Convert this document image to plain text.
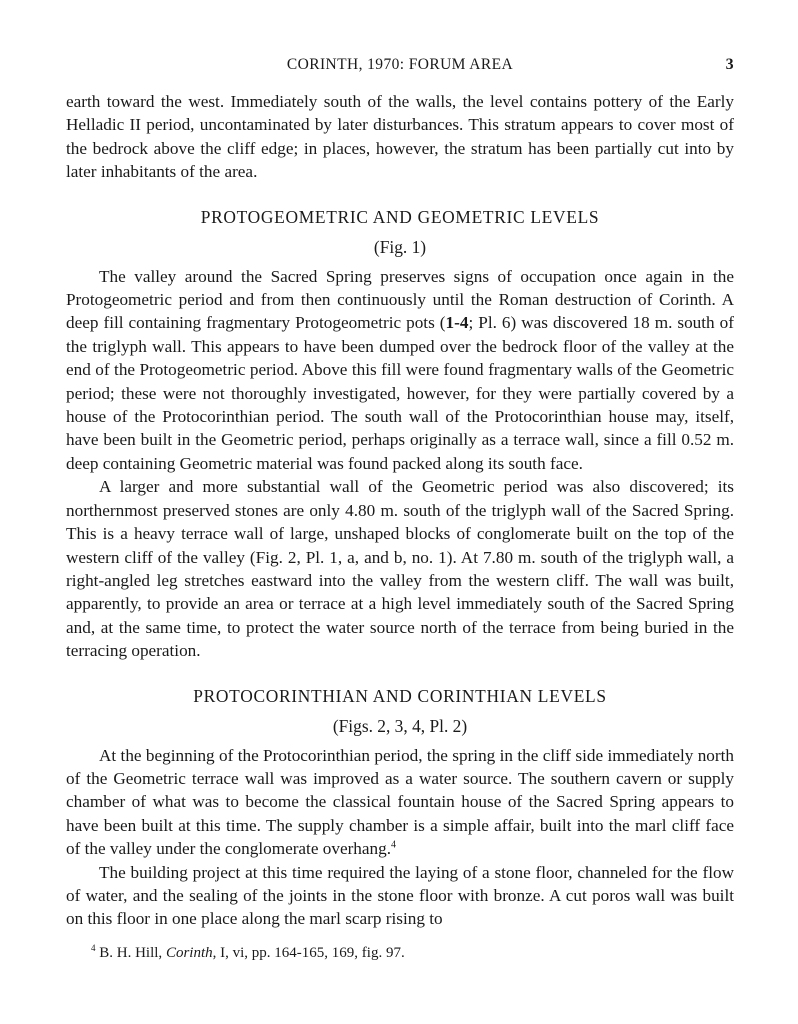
CORINTH, 1970: FORUM AREA	3

earth toward the west. Immediately south of the walls, the level contains pottery of the Early Helladic II period, uncontaminated by later disturbances. This stratum appears to cover most of the bedrock above the cliff edge; in places, however, the stratum has been partially cut into by later inhabitants of the area.

PROTOGEOMETRIC AND GEOMETRIC LEVELS

(Fig. 1)

The valley around the Sacred Spring preserves signs of occupation once again in the Protogeometric period and from then continuously until the Roman destruction of Corinth. A deep fill containing fragmentary Protogeometric pots (1-4; Pl. 6) was discovered 18 m. south of the triglyph wall. This appears to have been dumped over the bedrock floor of the valley at the end of the Protogeometric period. Above this fill were found fragmentary walls of the Geometric period; these were not thoroughly investigated, however, for they were partially covered by a house of the Protocorinthian period. The south wall of the Protocorinthian house may, itself, have been built in the Geometric period, perhaps originally as a terrace wall, since a fill 0.52 m. deep containing Geometric material was found packed along its south face.

A larger and more substantial wall of the Geometric period was also discovered; its northernmost preserved stones are only 4.80 m. south of the triglyph wall of the Sacred Spring. This is a heavy terrace wall of large, unshaped blocks of conglomerate built on the top of the western cliff of the valley (Fig. 2, Pl. 1, a, and b, no. 1). At 7.80 m. south of the triglyph wall, a right-angled leg stretches eastward into the valley from the western cliff. The wall was built, apparently, to provide an area or terrace at a high level immediately south of the Sacred Spring and, at the same time, to protect the water source north of the terrace from being buried in the terracing operation.

PROTOCORINTHIAN AND CORINTHIAN LEVELS

(Figs. 2, 3, 4, Pl. 2)

At the beginning of the Protocorinthian period, the spring in the cliff side immediately north of the Geometric terrace wall was improved as a water source. The southern cavern or supply chamber of what was to become the classical fountain house of the Sacred Spring appears to have been built at this time. The supply chamber is a simple affair, built into the marl cliff face of the valley under the conglomerate overhang.$^4$

The building project at this time required the laying of a stone floor, channeled for the flow of water, and the sealing of the joints in the stone floor with bronze. A cut poros wall was built on this floor in one place along the marl scarp rising to

$^4$ B. H. Hill, Corinth, I, vi, pp. 164-165, 169, fig. 97.
